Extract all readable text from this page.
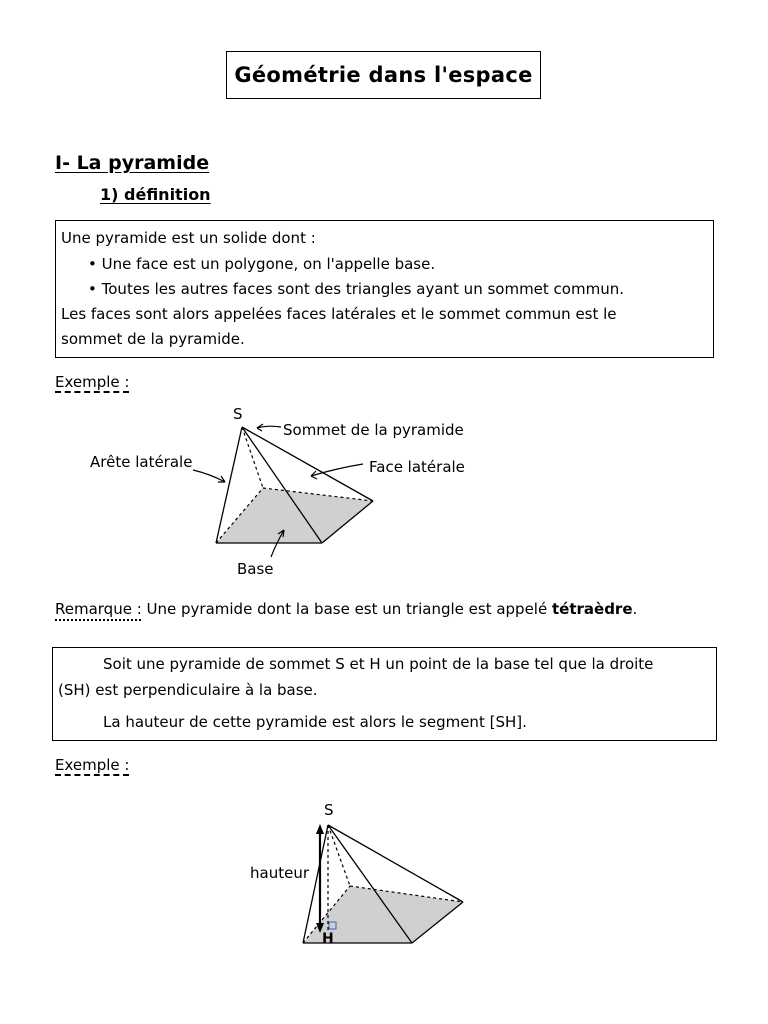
Géométrie dans l'espace
I- La pyramide
1) définition
Une pyramide est un solide dont :
• Une face est un polygone, on l'appelle base.
• Toutes les autres faces sont des triangles ayant un sommet commun.
Les faces sont alors appelées faces latérales et le sommet commun est le
sommet de la pyramide.
Exemple :
S
Sommet de la pyramide
Arête latérale	Face latérale
Base
Remarque : Une pyramide dont la base est un triangle est appelé tétraèdre.
Soit une pyramide de sommet S et H un point de la base tel que la droite
(SH) est perpendiculaire à la base.
La hauteur de cette pyramide est alors le segment [SH].
Exemple :
S
hauteur
H
